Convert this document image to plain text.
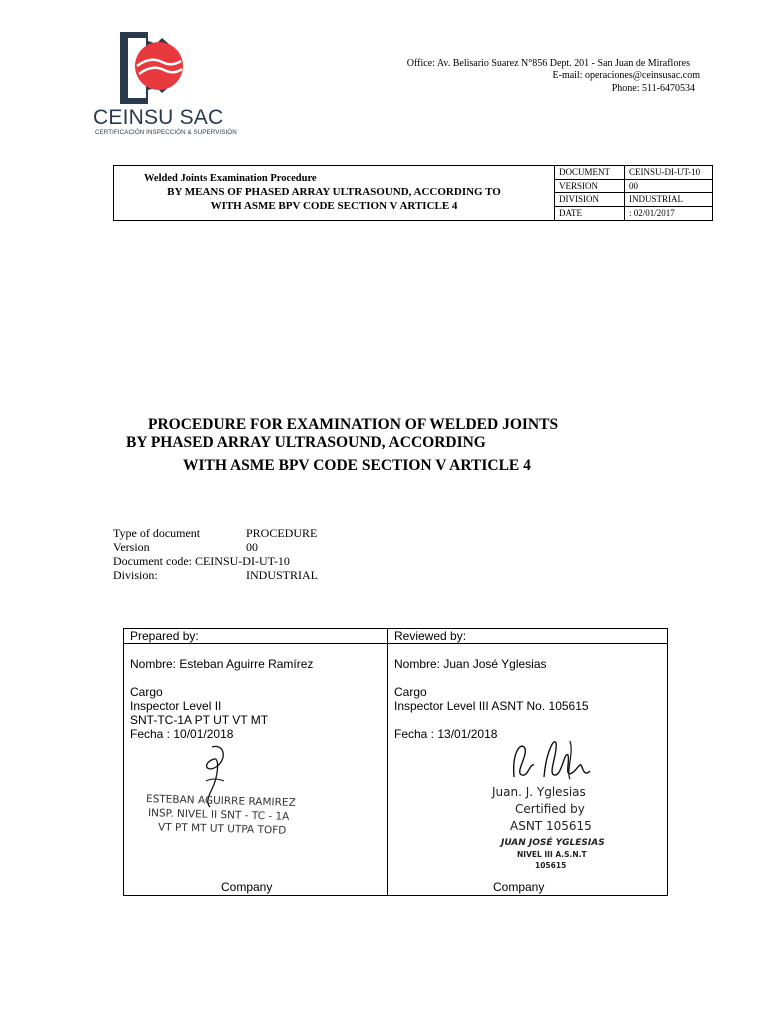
CEINSU SAC
CERTIFICACIÓN INSPECCIÓN & SUPERVISIÓN
Office: Av. Belisario Suarez N°856 Dept. 201 - San Juan de Miraflores
E-mail: operaciones@ceinsusac.com
Phone: 511-6470534
Welded Joints Examination Procedure
BY MEANS OF PHASED ARRAY ULTRASOUND, ACCORDING TO
WITH ASME BPV CODE SECTION V ARTICLE 4
DOCUMENT	CEINSU-DI-UT-10
VERSION	00
DIVISION	INDUSTRIAL
DATE	: 02/01/2017
PROCEDURE FOR EXAMINATION OF WELDED JOINTS
BY PHASED ARRAY ULTRASOUND, ACCORDING
WITH ASME BPV CODE SECTION V ARTICLE 4
Type of document	PROCEDURE
Version	00
Document code: CEINSU-DI-UT-10
Division:	INDUSTRIAL
Prepared by:
Nombre: Esteban Aguirre Ramírez
Cargo
Inspector Level II
SNT-TC-1A PT UT VT MT
Fecha : 10/01/2018
ESTEBAN AGUIRRE RAMIREZ
INSP. NIVEL II SNT - TC - 1A
VT PT MT UT UTPA TOFD
Company
Reviewed by:
Nombre: Juan José Yglesias
Cargo
Inspector Level III ASNT No. 105615
Fecha : 13/01/2018
Juan. J. Yglesias
Certified by
ASNT 105615
JUAN JOSÉ YGLESIAS
NIVEL III A.S.N.T
105615
Company
